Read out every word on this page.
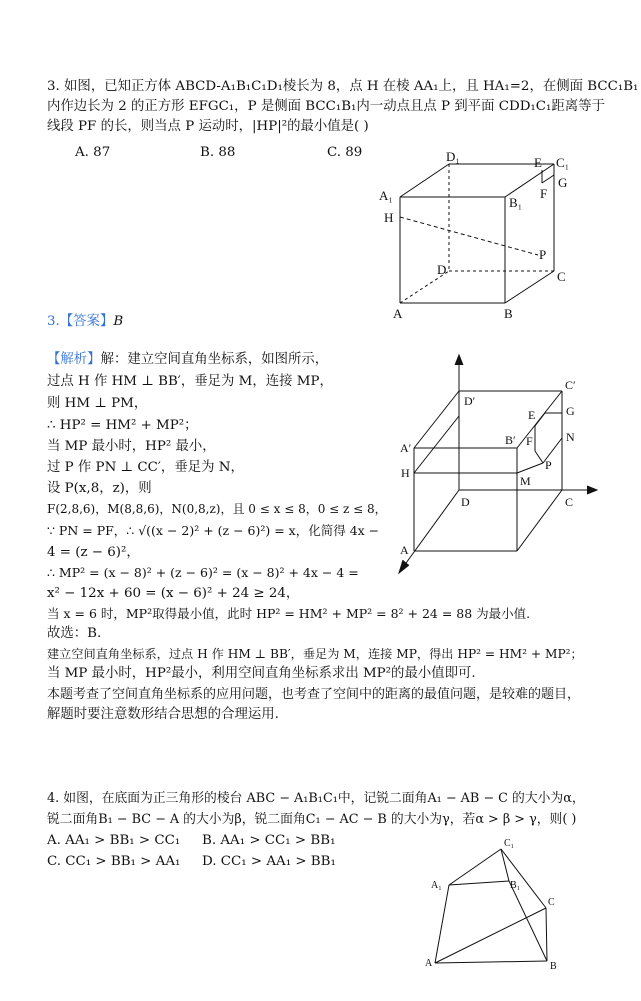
3. 如图，已知正方体 ABCD-A₁B₁C₁D₁棱长为 8，点 H 在棱 AA₁上，且 HA₁=2，在侧面 BCC₁B₁
内作边长为 2 的正方形 EFGC₁，P 是侧面 BCC₁B₁内一动点且点 P 到平面 CDD₁C₁距离等于
线段 PF 的长，则当点 P 运动时，|HP|²的最小值是( )
A. 87	B. 88	C. 89	D₁	E C₁
G
F
A₁	B₁
H
P
D	C
A	B
3.【答案】B
【解析】解：建立空间直角坐标系，如图所示，
过点 H 作 HM ⊥ BB′，垂足为 M，连接 MP，
则 HM ⊥ PM，
∴ HP² = HM² + MP²；
当 MP 最小时，HP² 最小，
过 P 作 PN ⊥ CC′，垂足为 N，
设 P(x,8，z)，则
F(2,8,6)，M(8,8,6)，N(0,8,z)，且 0 ≤ x ≤ 8，0 ≤ z ≤ 8，
∵ PN = PF，∴ √((x − 2)² + (z − 6)²) = x，化简得 4x −
4 = (z − 6)²，
∴ MP² = (x − 8)² + (z − 6)² = (x − 8)² + 4x − 4 =
x² − 12x + 60 = (x − 6)² + 24 ≥ 24，
当 x = 6 时，MP²取得最小值，此时 HP² = HM² + MP² = 8² + 24 = 88 为最小值.
故选：B.
建立空间直角坐标系，过点 H 作 HM ⊥ BB′，垂足为 M，连接 MP，得出 HP² = HM² + MP²；
当 MP 最小时，HP²最小，利用空间直角坐标系求出 MP²的最小值即可.
本题考查了空间直角坐标系的应用问题，也考查了空间中的距离的最值问题，是较难的题目，
解题时要注意数形结合思想的合理运用.
D′
C′
E	G
A′
B′ F	N
H
P
M
D	C
A
4. 如图，在底面为正三角形的棱台 ABC − A₁B₁C₁中，记锐二面角A₁ − AB − C 的大小为α，
锐二面角B₁ − BC − A 的大小为β，锐二面角C₁ − AC − B 的大小为γ，若α > β > γ，则( )
A. AA₁ > BB₁ > CC₁ B. AA₁ > CC₁ > BB₁
C. CC₁ > BB₁ > AA₁ D. CC₁ > AA₁ > BB₁
C₁
A₁	B₁
C
A	B
